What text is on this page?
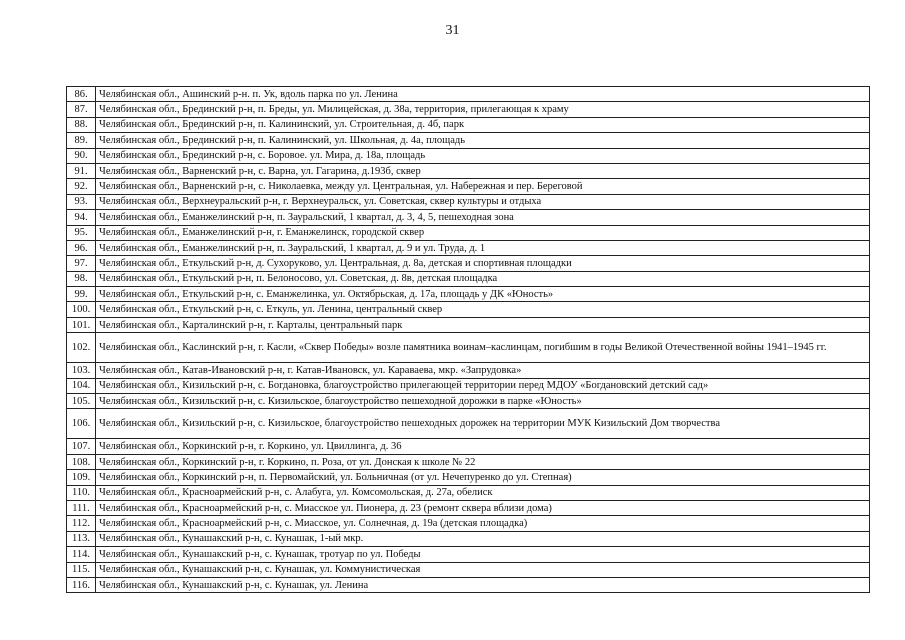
31
86.	Челябинская обл., Ашинский р-н. п. Ук, вдоль парка по ул. Ленина
87.	Челябинская обл., Брединский р-н, п. Бреды, ул. Милицейская, д. 38а, территория, прилегающая к храму
88.	Челябинская обл., Брединский р-н, п. Калининский, ул. Строительная, д. 4б, парк
89.	Челябинская обл., Брединский р-н, п. Калининский, ул. Школьная, д. 4а, площадь
90.	Челябинская обл., Брединский р-н, с. Боровое. ул. Мира, д. 18а, площадь
91.	Челябинская обл., Варненский р-н, с. Варна, ул. Гагарина, д.193б, сквер
92.	Челябинская обл., Варненский р-н, с. Николаевка, между ул. Центральная, ул. Набережная и пер. Береговой
93.	Челябинская обл., Верхнеуральский р-н, г. Верхнеуральск, ул. Советская, сквер культуры и отдыха
94.	Челябинская обл., Еманжелинский р-н, п. Зауральский, 1 квартал, д. 3, 4, 5, пешеходная зона
95.	Челябинская обл., Еманжелинский р-н, г. Еманжелинск, городской сквер
96.	Челябинская обл., Еманжелинский р-н, п. Зауральский, 1 квартал, д. 9 и ул. Труда, д. 1
97.	Челябинская обл., Еткульский р-н, д. Сухоруково, ул. Центральная, д. 8а, детская и спортивная площадки
98.	Челябинская обл., Еткульский р-н, п. Белоносово, ул. Советская, д. 8в, детская площадка
99.	Челябинская обл., Еткульский р-н, с. Еманжелинка, ул. Октябрьская, д. 17а, площадь у ДК «Юность»
100.	Челябинская обл., Еткульский р-н, с. Еткуль, ул. Ленина, центральный сквер
101.	Челябинская обл., Карталинский р-н, г. Карталы, центральный парк
102.	Челябинская обл., Каслинский р-н, г. Касли, «Сквер Победы» возле памятника воинам–каслинцам, погибшим в годы Великой Отечественной войны 1941–1945 гг.
103.	Челябинская обл., Катав-Ивановский р-н, г. Катав-Ивановск, ул. Караваева, мкр. «Запрудовка»
104.	Челябинская обл., Кизильский р-н, с. Богдановка, благоустройство прилегающей территории перед МДОУ «Богдановский детский сад»
105.	Челябинская обл., Кизильский р-н, с. Кизильское, благоустройство пешеходной дорожки в парке «Юность»
106.	Челябинская обл., Кизильский р-н, с. Кизильское, благоустройство пешеходных дорожек на территории МУК Кизильский Дом творчества
107.	Челябинская обл., Коркинский р-н, г. Коркино, ул. Цвиллинга, д. 36
108.	Челябинская обл., Коркинский р-н, г. Коркино, п. Роза, от ул. Донская к школе № 22
109.	Челябинская обл., Коркинский р-н, п. Первомайский, ул. Больничная (от ул. Нечепуренко до ул. Степная)
110.	Челябинская обл., Красноармейский р-н, с. Алабуга, ул. Комсомольская, д. 27а, обелиск
111.	Челябинская обл., Красноармейский р-н, с. Миасское ул. Пионера, д. 23 (ремонт сквера вблизи дома)
112.	Челябинская обл., Красноармейский р-н, с. Миасское, ул. Солнечная, д. 19а (детская площадка)
113.	Челябинская обл., Кунашакский р-н, с. Кунашак, 1-ый мкр.
114.	Челябинская обл., Кунашакский р-н, с. Кунашак, тротуар по ул. Победы
115.	Челябинская обл., Кунашакский р-н, с. Кунашак, ул. Коммунистическая
116.	Челябинская обл., Кунашакский р-н, с. Кунашак, ул. Ленина
